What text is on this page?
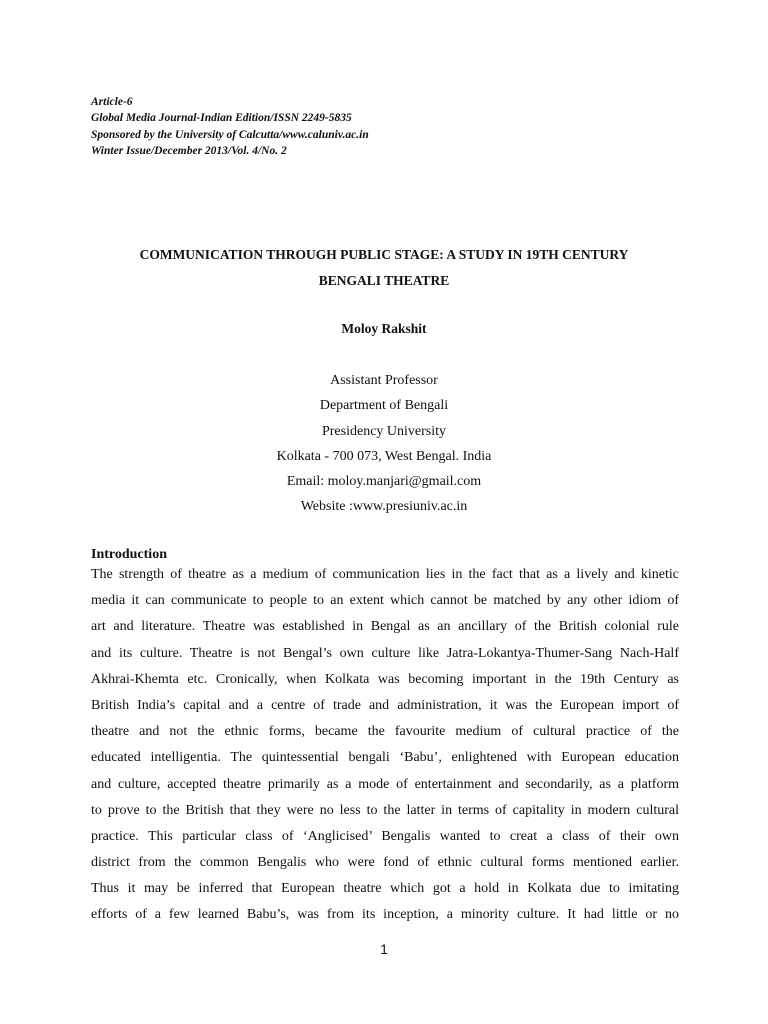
Article-6
Global Media Journal-Indian Edition/ISSN 2249-5835
Sponsored by the University of Calcutta/www.caluniv.ac.in
Winter Issue/December 2013/Vol. 4/No. 2
COMMUNICATION THROUGH PUBLIC STAGE: A STUDY IN 19TH CENTURY
BENGALI THEATRE
Moloy Rakshit
Assistant Professor
Department of Bengali
Presidency University
Kolkata - 700 073, West Bengal. India
Email: moloy.manjari@gmail.com
Website :www.presiuniv.ac.in
Introduction
The strength of theatre as a medium of communication lies in the fact that as a lively and kinetic
media it can communicate to people to an extent which cannot be matched by any other idiom of
art and literature. Theatre was established in Bengal as an ancillary of the British colonial rule
and its culture. Theatre is not Bengal’s own culture like Jatra-Lokantya-Thumer-Sang Nach-Half
Akhrai-Khemta etc. Cronically, when Kolkata was becoming important in the 19th Century as
British India’s capital and a centre of trade and administration, it was the European import of
theatre and not the ethnic forms, became the favourite medium of cultural practice of the
educated intelligentia. The quintessential bengali ‘Babu’, enlightened with European education
and culture, accepted theatre primarily as a mode of entertainment and secondarily, as a platform
to prove to the British that they were no less to the latter in terms of capitality in modern cultural
practice. This particular class of ‘Anglicised’ Bengalis wanted to creat a class of their own
district from the common Bengalis who were fond of ethnic cultural forms mentioned earlier.
Thus it may be inferred that European theatre which got a hold in Kolkata due to imitating
efforts of a few learned Babu’s, was from its inception, a minority culture. It had little or no
1
